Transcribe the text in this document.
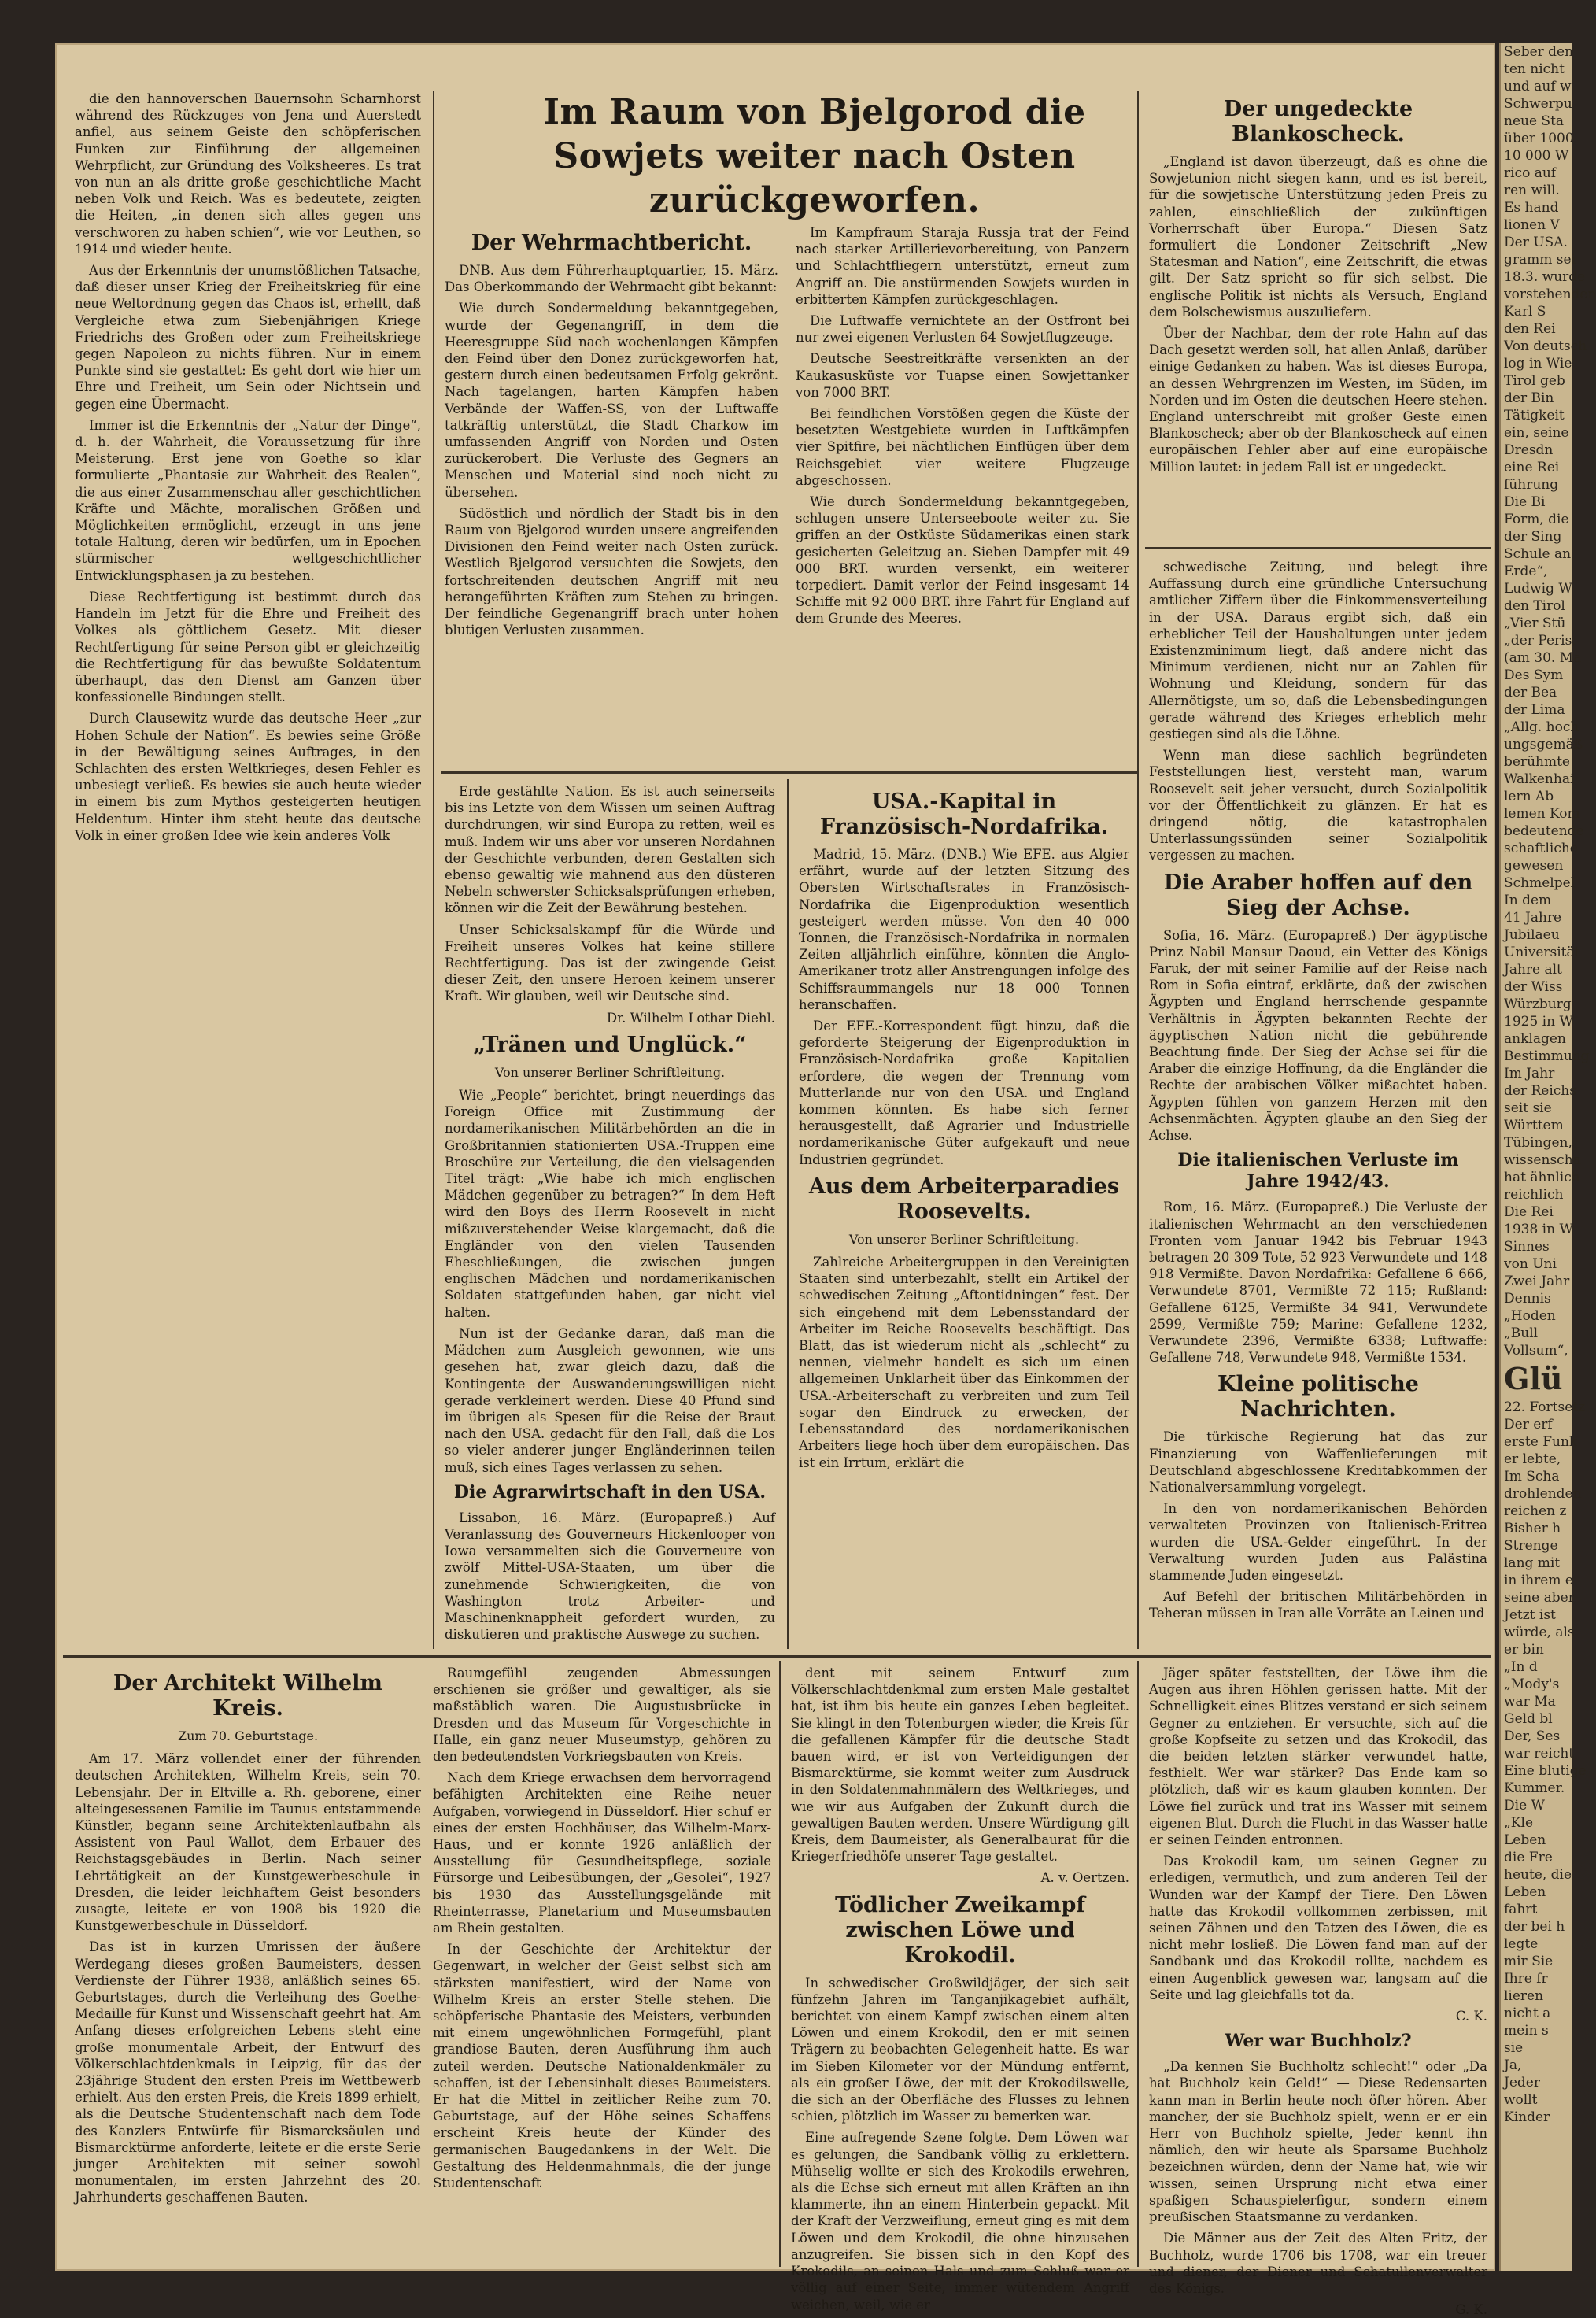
Im Raum von Bjelgorod die Sowjets weiter nach Osten zurückgeworfen.

die den hannoverschen Bauernsohn Scharnhorst während des Rückzuges von Jena und Auerstedt anfiel, aus seinem Geiste den schöpferischen Funken zur Einführung der allgemeinen Wehrpflicht, zur Gründung des Volksheeres. Es trat von nun an als dritte große geschichtliche Macht neben Volk und Reich. Was es bedeutete, zeigten die Heiten, „in denen sich alles gegen uns verschworen zu haben schien“, wie vor Leuthen, so 1914 und wieder heute.

Aus der Erkenntnis der unumstößlichen Tatsache, daß dieser unser Krieg der Freiheitskrieg für eine neue Weltordnung gegen das Chaos ist, erhellt, daß Vergleiche etwa zum Siebenjährigen Kriege Friedrichs des Großen oder zum Freiheitskriege gegen Napoleon zu nichts führen. Nur in einem Punkte sind sie gestattet: Es geht dort wie hier um Ehre und Freiheit, um Sein oder Nichtsein und gegen eine Übermacht.

Immer ist die Erkenntnis der „Natur der Dinge“, d. h. der Wahrheit, die Voraussetzung für ihre Meisterung. Erst jene von Goethe so klar formulierte „Phantasie zur Wahrheit des Realen“, die aus einer Zusammenschau aller geschichtlichen Kräfte und Mächte, moralischen Größen und Möglichkeiten ermöglicht, erzeugt in uns jene totale Haltung, deren wir bedürfen, um in Epochen stürmischer weltgeschichtlicher Entwicklungsphasen ja zu bestehen.

Diese Rechtfertigung ist bestimmt durch das Handeln im Jetzt für die Ehre und Freiheit des Volkes als göttlichem Gesetz. Mit dieser Rechtfertigung für seine Person gibt er gleichzeitig die Rechtfertigung für das bewußte Soldatentum überhaupt, das den Dienst am Ganzen über konfessionelle Bindungen stellt.

Durch Clausewitz wurde das deutsche Heer „zur Hohen Schule der Nation“. Es bewies seine Größe in der Bewältigung seines Auftrages, in den Schlachten des ersten Weltkrieges, desen Fehler es unbesiegt verließ. Es bewies sie auch heute wieder in einem bis zum Mythos gesteigerten heutigen Heldentum. Hinter ihm steht heute das deutsche Volk in einer großen Idee wie kein anderes Volk

Der Wehrmachtbericht.

DNB. Aus dem Führerhauptquartier, 15. März. Das Oberkommando der Wehrmacht gibt bekannt:

Wie durch Sondermeldung bekanntgegeben, wurde der Gegenangriff, in dem die Heeresgruppe Süd nach wochenlangen Kämpfen den Feind über den Donez zurückgeworfen hat, gestern durch einen bedeutsamen Erfolg gekrönt. Nach tagelangen, harten Kämpfen haben Verbände der Waffen-SS, von der Luftwaffe tatkräftig unterstützt, die Stadt Charkow im umfassenden Angriff von Norden und Osten zurückerobert. Die Verluste des Gegners an Menschen und Material sind noch nicht zu übersehen.

Südöstlich und nördlich der Stadt bis in den Raum von Bjelgorod wurden unsere angreifenden Divisionen den Feind weiter nach Osten zurück. Westlich Bjelgorod versuchten die Sowjets, den fortschreitenden deutschen Angriff mit neu herangeführten Kräften zum Stehen zu bringen. Der feindliche Gegenangriff brach unter hohen blutigen Verlusten zusammen.

Im Kampfraum Staraja Russja trat der Feind nach starker Artillerievorbereitung, von Panzern und Schlachtfliegern unterstützt, erneut zum Angriff an. Die anstürmenden Sowjets wurden in erbitterten Kämpfen zurückgeschlagen.

Die Luftwaffe vernichtete an der Ostfront bei nur zwei eigenen Verlusten 64 Sowjetflugzeuge.

Deutsche Seestreitkräfte versenkten an der Kaukasusküste vor Tuapse einen Sowjettanker von 7000 BRT.

Bei feindlichen Vorstößen gegen die Küste der besetzten Westgebiete wurden in Luftkämpfen vier Spitfire, bei nächtlichen Einflügen über dem Reichsgebiet vier weitere Flugzeuge abgeschossen.

Wie durch Sondermeldung bekanntgegeben, schlugen unsere Unterseeboote weiter zu. Sie griffen an der Ostküste Südamerikas einen stark gesicherten Geleitzug an. Sieben Dampfer mit 49 000 BRT. wurden versenkt, ein weiterer torpediert. Damit verlor der Feind insgesamt 14 Schiffe mit 92 000 BRT. ihre Fahrt für England auf dem Grunde des Meeres.

Erde gestählte Nation. Es ist auch seinerseits bis ins Letzte von dem Wissen um seinen Auftrag durchdrungen, wir sind Europa zu retten, weil es muß. Indem wir uns aber vor unseren Nordahnen der Geschichte verbunden, deren Gestalten sich ebenso gewaltig wie mahnend aus den düsteren Nebeln schwerster Schicksalsprüfungen erheben, können wir die Zeit der Bewährung bestehen.

Unser Schicksalskampf für die Würde und Freiheit unseres Volkes hat keine stillere Rechtfertigung. Das ist der zwingende Geist dieser Zeit, den unsere Heroen keinem unserer Kraft. Wir glauben, weil wir Deutsche sind.

Dr. Wilhelm Lothar Diehl.
„Tränen und Unglück.“
Von unserer Berliner Schriftleitung.

Wie „People“ berichtet, bringt neuerdings das Foreign Office mit Zustimmung der nordamerikanischen Militärbehörden an die in Großbritannien stationierten USA.-Truppen eine Broschüre zur Verteilung, die den vielsagenden Titel trägt: „Wie habe ich mich englischen Mädchen gegenüber zu betragen?“ In dem Heft wird den Boys des Herrn Roosevelt in nicht mißzuverstehender Weise klargemacht, daß die Engländer von den vielen Tausenden Eheschließungen, die zwischen jungen englischen Mädchen und nordamerikanischen Soldaten stattgefunden haben, gar nicht viel halten.

Nun ist der Gedanke daran, daß man die Mädchen zum Ausgleich gewonnen, wie uns gesehen hat, zwar gleich dazu, daß die Kontingente der Auswanderungswilligen nicht gerade verkleinert werden. Diese 40 Pfund sind im übrigen als Spesen für die Reise der Braut nach den USA. gedacht für den Fall, daß die Los so vieler anderer junger Engländerinnen teilen muß, sich eines Tages verlassen zu sehen.

Die Agrarwirtschaft in den USA.

Lissabon, 16. März. (Europapreß.) Auf Veranlassung des Gouverneurs Hickenlooper von Iowa versammelten sich die Gouverneure von zwölf Mittel-USA-Staaten, um über die zunehmende Schwierigkeiten, die von Washington trotz Arbeiter- und Maschinenknappheit gefordert wurden, zu diskutieren und praktische Auswege zu suchen.

USA.-Kapital in Französisch-Nordafrika.

Madrid, 15. März. (DNB.) Wie EFE. aus Algier erfährt, wurde auf der letzten Sitzung des Obersten Wirtschaftsrates in Französisch-Nordafrika die Eigenproduktion wesentlich gesteigert werden müsse. Von den 40 000 Tonnen, die Französisch-Nordafrika in normalen Zeiten alljährlich einführe, könnten die Anglo-Amerikaner trotz aller Anstrengungen infolge des Schiffsraummangels nur 18 000 Tonnen heranschaffen.

Der EFE.-Korrespondent fügt hinzu, daß die geforderte Steigerung der Eigenproduktion in Französisch-Nordafrika große Kapitalien erfordere, die wegen der Trennung vom Mutterlande nur von den USA. und England kommen könnten. Es habe sich ferner herausgestellt, daß Agrarier und Industrielle nordamerikanische Güter aufgekauft und neue Industrien gegründet.

Aus dem Arbeiterparadies Roosevelts.
Von unserer Berliner Schriftleitung.

Zahlreiche Arbeitergruppen in den Vereinigten Staaten sind unterbezahlt, stellt ein Artikel der schwedischen Zeitung „Aftontidningen“ fest. Der sich eingehend mit dem Lebensstandard der Arbeiter im Reiche Roosevelts beschäftigt. Das Blatt, das ist wiederum nicht als „schlecht“ zu nennen, vielmehr handelt es sich um einen allgemeinen Unklarheit über das Einkommen der USA.-Arbeiterschaft zu verbreiten und zum Teil sogar den Eindruck zu erwecken, der Lebensstandard des nordamerikanischen Arbeiters liege hoch über dem europäischen. Das ist ein Irrtum, erklärt die

Der ungedeckte Blankoscheck.

„England ist davon überzeugt, daß es ohne die Sowjetunion nicht siegen kann, und es ist bereit, für die sowjetische Unterstützung jeden Preis zu zahlen, einschließlich der zukünftigen Vorherrschaft über Europa.“ Diesen Satz formuliert die Londoner Zeitschrift „New Statesman and Nation“, eine Zeitschrift, die etwas gilt. Der Satz spricht so für sich selbst. Die englische Politik ist nichts als Versuch, England dem Bolschewismus auszuliefern.

Über der Nachbar, dem der rote Hahn auf das Dach gesetzt werden soll, hat allen Anlaß, darüber einige Gedanken zu haben. Was ist dieses Europa, an dessen Wehrgrenzen im Westen, im Süden, im Norden und im Osten die deutschen Heere stehen. England unterschreibt mit großer Geste einen Blankoscheck; aber ob der Blankoscheck auf einen europäischen Fehler aber auf eine europäische Million lautet: in jedem Fall ist er ungedeckt.

schwedische Zeitung, und belegt ihre Auffassung durch eine gründliche Untersuchung amtlicher Ziffern über die Einkommensverteilung in der USA. Daraus ergibt sich, daß ein erheblicher Teil der Haushaltungen unter jedem Existenzminimum liegt, daß andere nicht das Minimum verdienen, nicht nur an Zahlen für Wohnung und Kleidung, sondern für das Allernötigste, um so, daß die Lebensbedingungen gerade während des Krieges erheblich mehr gestiegen sind als die Löhne.

Wenn man diese sachlich begründeten Feststellungen liest, versteht man, warum Roosevelt seit jeher versucht, durch Sozialpolitik vor der Öffentlichkeit zu glänzen. Er hat es dringend nötig, die katastrophalen Unterlassungssünden seiner Sozialpolitik vergessen zu machen.

Die Araber hoffen auf den Sieg der Achse.

Sofia, 16. März. (Europapreß.) Der ägyptische Prinz Nabil Mansur Daoud, ein Vetter des Königs Faruk, der mit seiner Familie auf der Reise nach Rom in Sofia eintraf, erklärte, daß der zwischen Ägypten und England herrschende gespannte Verhältnis in Ägypten bekannten Rechte der ägyptischen Nation nicht die gebührende Beachtung finde. Der Sieg der Achse sei für die Araber die einzige Hoffnung, da die Engländer die Rechte der arabischen Völker mißachtet haben. Ägypten fühlen von ganzem Herzen mit den Achsenmächten. Ägypten glaube an den Sieg der Achse.

Die italienischen Verluste im Jahre 1942/43.

Rom, 16. März. (Europapreß.) Die Verluste der italienischen Wehrmacht an den verschiedenen Fronten vom Januar 1942 bis Februar 1943 betragen 20 309 Tote, 52 923 Verwundete und 148 918 Vermißte. Davon Nordafrika: Gefallene 6 666, Verwundete 8701, Vermißte 72 115; Rußland: Gefallene 6125, Vermißte 34 941, Verwundete 2599, Vermißte 759; Marine: Gefallene 1232, Verwundete 2396, Vermißte 6338; Luftwaffe: Gefallene 748, Verwundete 948, Vermißte 1534.

Kleine politische Nachrichten.

Die türkische Regierung hat das zur Finanzierung von Waffenlieferungen mit Deutschland abgeschlossene Kreditabkommen der Nationalversammlung vorgelegt.

In den von nordamerikanischen Behörden verwalteten Provinzen von Italienisch-Eritrea wurden die USA.-Gelder eingeführt. In der Verwaltung wurden Juden aus Palästina stammende Juden eingesetzt.

Auf Befehl der britischen Militärbehörden in Teheran müssen in Iran alle Vorräte an Leinen und

Der Architekt Wilhelm Kreis.
Zum 70. Geburtstage.

Am 17. März vollendet einer der führenden deutschen Architekten, Wilhelm Kreis, sein 70. Lebensjahr. Der in Eltville a. Rh. geborene, einer alteingesessenen Familie im Taunus entstammende Künstler, begann seine Architektenlaufbahn als Assistent von Paul Wallot, dem Erbauer des Reichstagsgebäudes in Berlin. Nach seiner Lehrtätigkeit an der Kunstgewerbeschule in Dresden, die leider leichhaftem Geist besonders zusagte, leitete er von 1908 bis 1920 die Kunstgewerbeschule in Düsseldorf.

Das ist in kurzen Umrissen der äußere Werdegang dieses großen Baumeisters, dessen Verdienste der Führer 1938, anläßlich seines 65. Geburtstages, durch die Verleihung des Goethe-Medaille für Kunst und Wissenschaft geehrt hat. Am Anfang dieses erfolgreichen Lebens steht eine große monumentale Arbeit, der Entwurf des Völkerschlachtdenkmals in Leipzig, für das der 23jährige Student den ersten Preis im Wettbewerb erhielt. Aus den ersten Preis, die Kreis 1899 erhielt, als die Deutsche Studentenschaft nach dem Tode des Kanzlers Entwürfe für Bismarcksäulen und Bismarcktürme anforderte, leitete er die erste Serie junger Architekten mit seiner sowohl monumentalen, im ersten Jahrzehnt des 20. Jahrhunderts geschaffenen Bauten.

Raumgefühl zeugenden Abmessungen erschienen sie größer und gewaltiger, als sie maßstäblich waren. Die Augustusbrücke in Dresden und das Museum für Vorgeschichte in Halle, ein ganz neuer Museumstyp, gehören zu den bedeutendsten Vorkriegsbauten von Kreis.

Nach dem Kriege erwachsen dem hervorragend befähigten Architekten eine Reihe neuer Aufgaben, vorwiegend in Düsseldorf. Hier schuf er eines der ersten Hochhäuser, das Wilhelm-Marx-Haus, und er konnte 1926 anläßlich der Ausstellung für Gesundheitspflege, soziale Fürsorge und Leibesübungen, der „Gesolei“, 1927 bis 1930 das Ausstellungsgelände mit Rheinterrasse, Planetarium und Museumsbauten am Rhein gestalten.

In der Geschichte der Architektur der Gegenwart, in welcher der Geist selbst sich am stärksten manifestiert, wird der Name von Wilhelm Kreis an erster Stelle stehen. Die schöpferische Phantasie des Meisters, verbunden mit einem ungewöhnlichen Formgefühl, plant grandiose Bauten, deren Ausführung ihm auch zuteil werden. Deutsche Nationaldenkmäler zu schaffen, ist der Lebensinhalt dieses Baumeisters. Er hat die Mittel in zeitlicher Reihe zum 70. Geburtstage, auf der Höhe seines Schaffens erscheint Kreis heute der Künder des germanischen Baugedankens in der Welt. Die Gestaltung des Heldenmahnmals, die der junge Studentenschaft

dent mit seinem Entwurf zum Völkerschlachtdenkmal zum ersten Male gestaltet hat, ist ihm bis heute ein ganzes Leben begleitet. Sie klingt in den Totenburgen wieder, die Kreis für die gefallenen Kämpfer für die deutsche Stadt bauen wird, er ist von Verteidigungen der Bismarcktürme, sie kommt weiter zum Ausdruck in den Soldatenmahnmälern des Weltkrieges, und wie wir aus Aufgaben der Zukunft durch die gewaltigen Bauten werden. Unsere Würdigung gilt Kreis, dem Baumeister, als Generalbaurat für die Kriegerfriedhöfe unserer Tage gestaltet.

A. v. Oertzen.
Tödlicher Zweikampf zwischen Löwe und Krokodil.

In schwedischer Großwildjäger, der sich seit fünfzehn Jahren im Tanganjikagebiet aufhält, berichtet von einem Kampf zwischen einem alten Löwen und einem Krokodil, den er mit seinen Trägern zu beobachten Gelegenheit hatte. Es war im Sieben Kilometer vor der Mündung entfernt, als ein großer Löwe, der mit der Krokodilswelle, die sich an der Oberfläche des Flusses zu lehnen schien, plötzlich im Wasser zu bemerken war.

Eine aufregende Szene folgte. Dem Löwen war es gelungen, die Sandbank völlig zu erklettern. Mühselig wollte er sich des Krokodils erwehren, als die Echse sich erneut mit allen Kräften an ihn klammerte, ihn an einem Hinterbein gepackt. Mit der Kraft der Verzweiflung, erneut ging es mit dem Löwen und dem Krokodil, die ohne hinzusehen anzugreifen. Sie bissen sich in den Kopf des Krokodils, an seinen Hals und zum Schluß war er völlig auf einer Seite, immer wütendem Angriff weichen, weil, wie er

Jäger später feststellten, der Löwe ihm die Augen aus ihren Höhlen gerissen hatte. Mit der Schnelligkeit eines Blitzes verstand er sich seinem Gegner zu entziehen. Er versuchte, sich auf die große Kopfseite zu setzen und das Krokodil, das die beiden letzten stärker verwundet hatte, festhielt. Wer war stärker? Das Ende kam so plötzlich, daß wir es kaum glauben konnten. Der Löwe fiel zurück und trat ins Wasser mit seinem eigenen Blut. Durch die Flucht in das Wasser hatte er seinen Feinden entronnen.

Das Krokodil kam, um seinen Gegner zu erledigen, vermutlich, und zum anderen Teil der Wunden war der Kampf der Tiere. Den Löwen hatte das Krokodil vollkommen zerbissen, mit seinen Zähnen und den Tatzen des Löwen, die es nicht mehr losließ. Die Löwen fand man auf der Sandbank und das Krokodil rollte, nachdem es einen Augenblick gewesen war, langsam auf die Seite und lag gleichfalls tot da.

C. K.
Wer war Buchholz?

„Da kennen Sie Buchholtz schlecht!“ oder „Da hat Buchholz kein Geld!“ — Diese Redensarten kann man in Berlin heute noch öfter hören. Aber mancher, der sie Buchholz spielt, wenn er er ein Herr von Buchholz spielte, Jeder kennt ihn nämlich, den wir heute als Sparsame Buchholz bezeichnen würden, denn der Name hat, wie wir wissen, seinen Ursprung nicht etwa einer spaßigen Schauspielerfigur, sondern einem preußischen Staatsmanne zu verdanken.

Die Männer aus der Zeit des Alten Fritz, der Buchholz, wurde 1706 bis 1708, war ein treuer und diener, der Diener und Schatullenverwalter des Königs.

G. K.
Seber den
ten nicht
und auf w
Schwerpu
neue Sta
über 1000
10 000 W
rico auf
ren will.
Es hand
lionen V
Der USA.
gramm sei
18.3. wurde
vorstehenden
Karl S
den Rei
Von deutsch
log in Wie
Tirol geb
der Bin
Tätigkeit
ein, seine
Dresdn
eine Rei
führung
Die Bi
Form, die
der Sing
Schule an
Erde“,
Ludwig W
den Tirol
„Vier Stü
„der Peris,
(am 30. Ma
Des Sym
der Bea
der Lima
„Allg. hoch
ungsgemäß
berühmte
Walkenhai
lern Ab
lemen Kom
bedeutende
schaftliche
gewesen
Schmelpel
In dem
41 Jahre
Jubilaeu
Universität
Jahre alt
der Wiss
Würzburg
1925 in W
anklagen
Bestimmung
Im Jahr
der Reichs
seit sie
Württem
Tübingen,
wissenscha
hat ähnlich
reichlich
Die Rei
1938 in W
Sinnes
von Uni
Zwei Jahr
Dennis
„Hoden
„Bull
Vollsum“,
Glü
22. Fortsetz
Der erf
erste Funk
er lebte,
Im Scha
drohlenden
reichen z
Bisher h
Strenge
lang mit
in ihrem e
seine aber
Jetzt ist
würde, als
er bin
„In d
„Mody's
war Ma
Geld bl
Der, Ses
war reicht
Eine blutige
Kummer.
Die W
„Kle
Leben
die Fre
heute, die
Leben
fahrt
der bei h
legte
mir Sie
Ihre fr
lieren
nicht a
mein s
sie
Ja,
Jeder
wollt
Kinder
